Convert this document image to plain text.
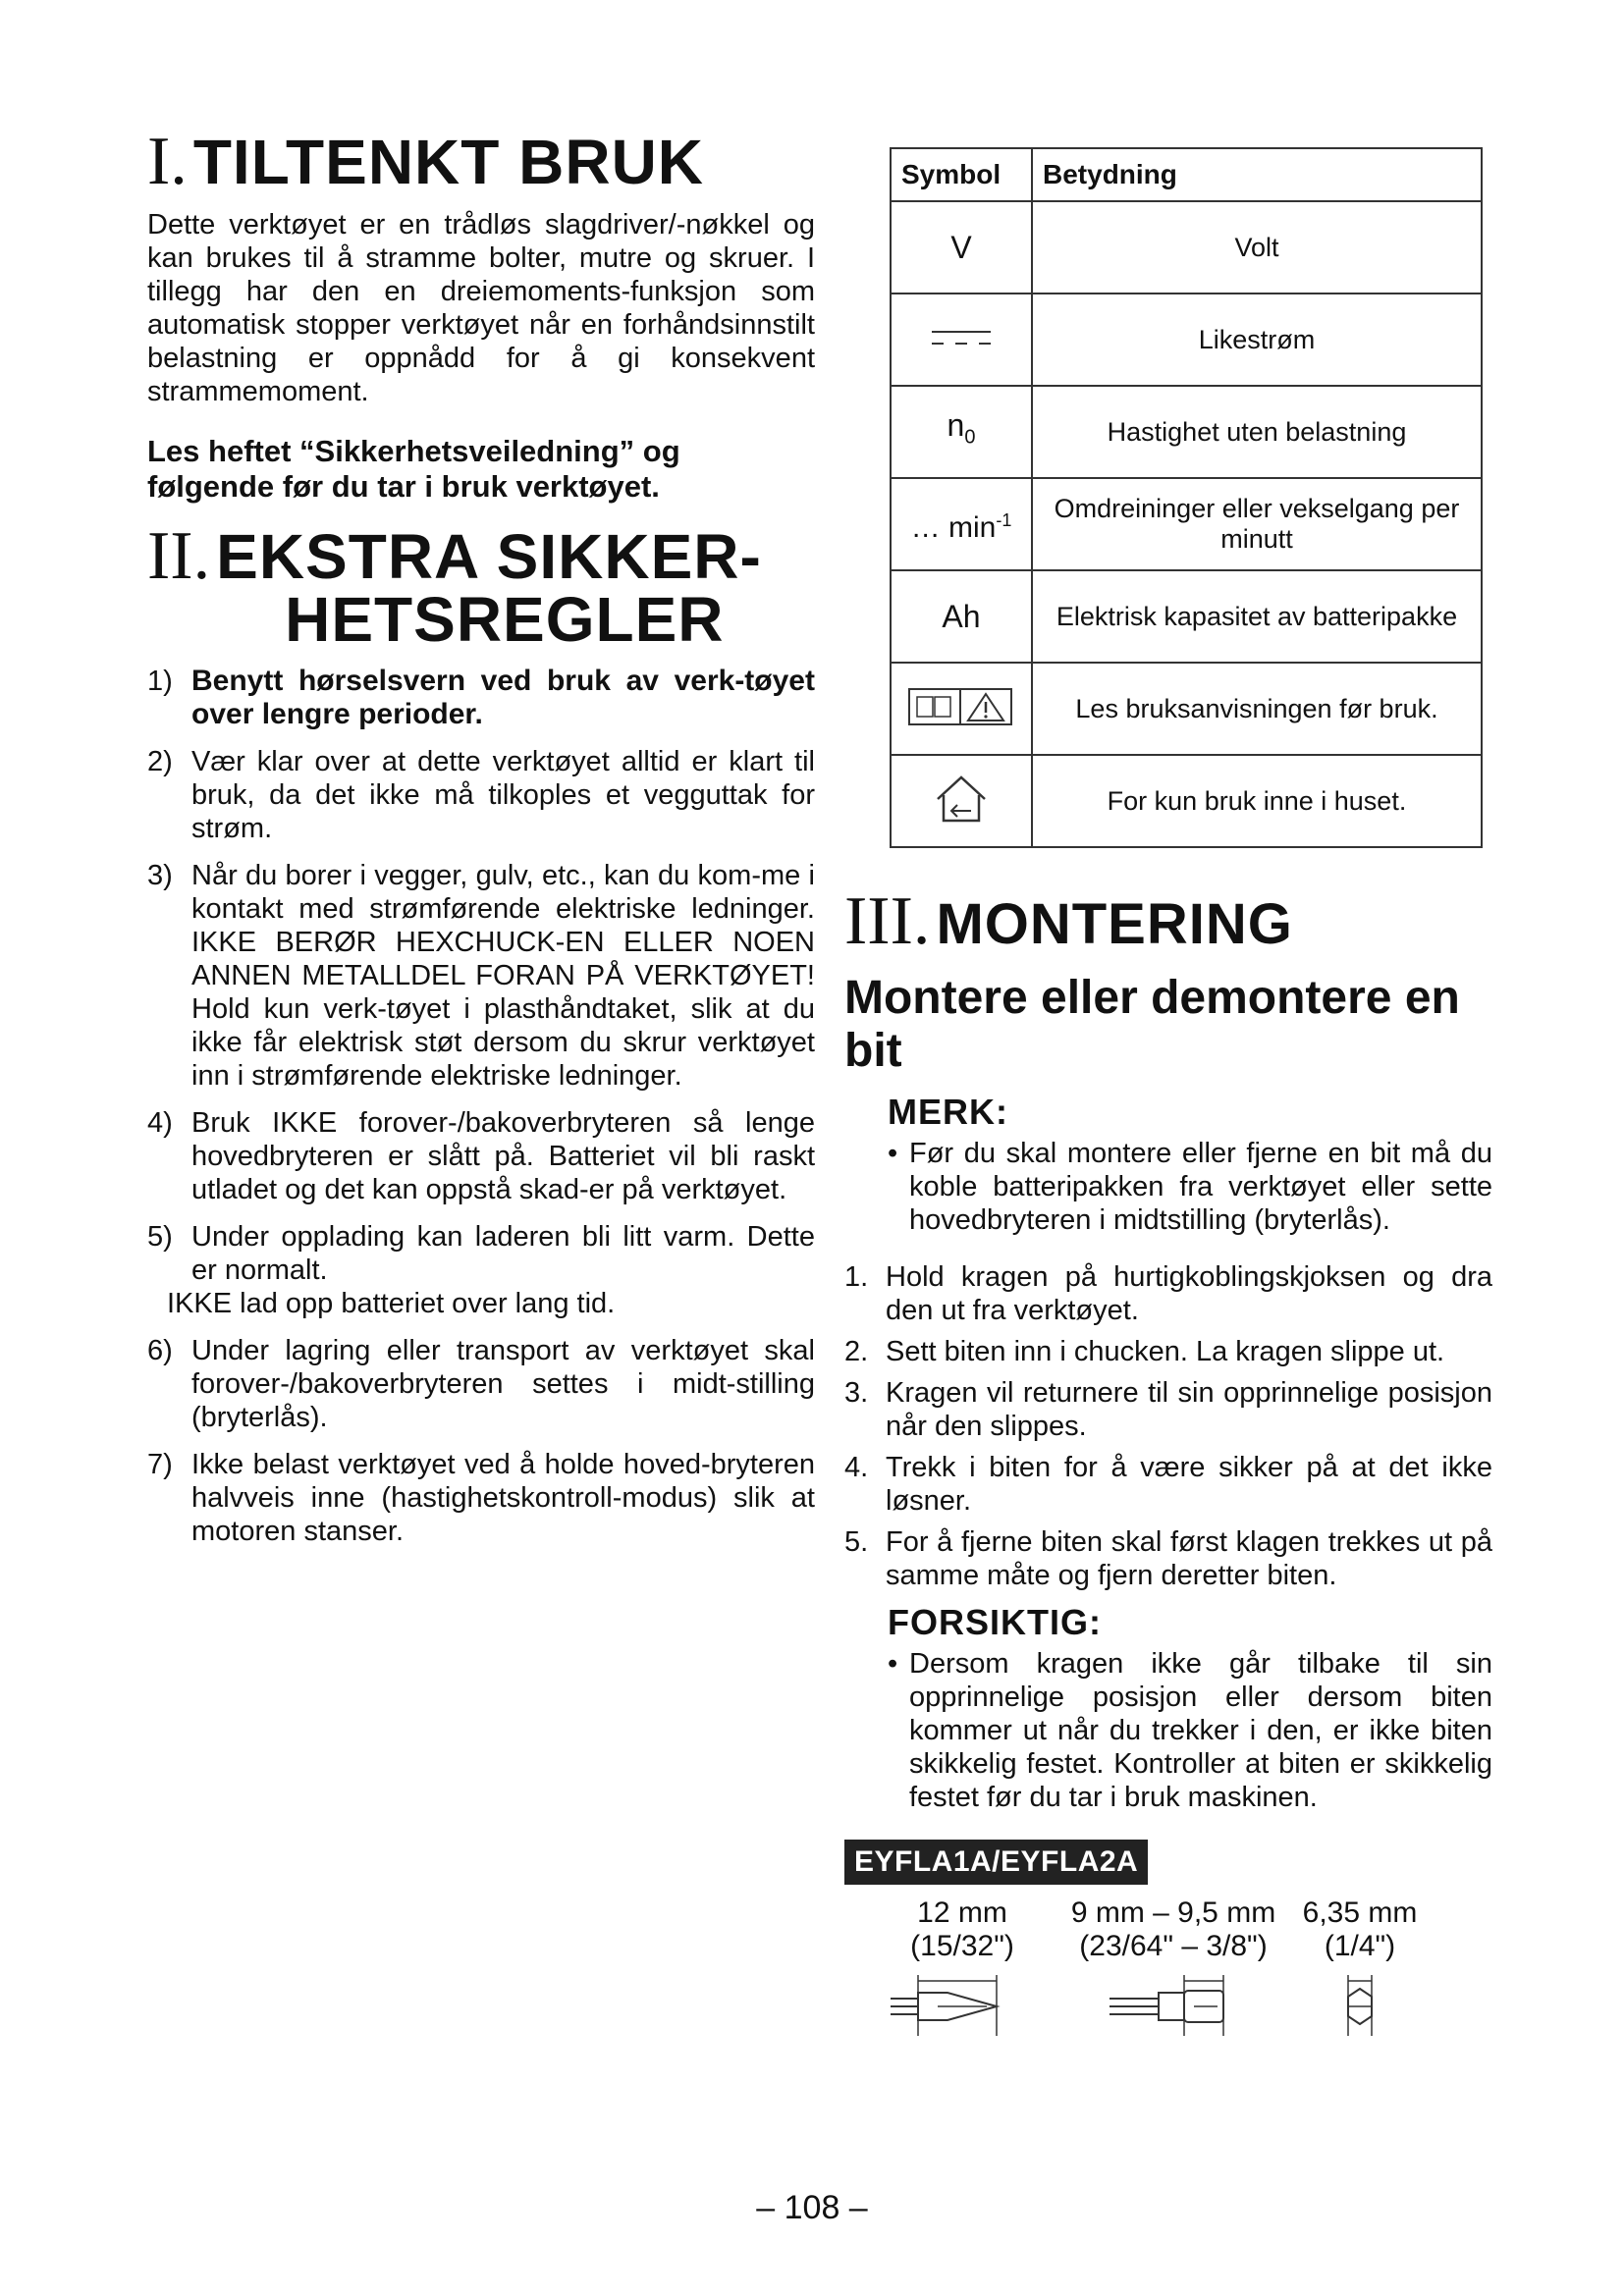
I. TILTENKT BRUK

Dette verktøyet er en trådløs slagdriver/-nøkkel og kan brukes til å stramme bolter, mutre og skruer. I tillegg har den en dreiemoments-funksjon som automatisk stopper verktøyet når en forhåndsinnstilt belastning er oppnådd for å gi konsekvent strammemoment.

Les heftet “Sikkerhetsveiledning” og følgende før du tar i bruk verktøyet.

II. EKSTRA SIKKER-
HETSREGLER
1) Benytt hørselsvern ved bruk av verk-tøyet over lengre perioder.
2) Vær klar over at dette verktøyet alltid er klart til bruk, da det ikke må tilkoples et vegguttak for strøm.
3) Når du borer i vegger, gulv, etc., kan du kom-me i kontakt med strømførende elektriske ledninger. IKKE BERØR HEXCHUCK-EN ELLER NOEN ANNEN METALLDEL FORAN PÅ VERKTØYET! Hold kun verk-tøyet i plasthåndtaket, slik at du ikke får elektrisk støt dersom du skrur verktøyet inn i strømførende elektriske ledninger.
4) Bruk IKKE forover-/bakoverbryteren så lenge hovedbryteren er slått på. Batteriet vil bli raskt utladet og det kan oppstå skad-er på verktøyet.
5) Under opplading kan laderen bli litt varm. Dette er normalt.
IKKE lad opp batteriet over lang tid.
6) Under lagring eller transport av verktøyet skal forover-/bakoverbryteren settes i midt-stilling (bryterlås).
7) Ikke belast verktøyet ved å holde hoved-bryteren halvveis inne (hastighetskontroll-modus) slik at motoren stanser.
Symbol	Betydning
V	Volt
	Likestrøm
$n_0$	Hastighet uten belastning
… $\min^{-1}$	Omdreininger eller vekselgang per minutt
Ah	Elektrisk kapasitet av batteripakke
	Les bruksanvisningen før bruk.
	For kun bruk inne i huset.
III. MONTERING
Montere eller demontere en bit
MERK:
• Før du skal montere eller fjerne en bit må du koble batteripakken fra verktøyet eller sette hovedbryteren i midtstilling (bryterlås).
1. Hold kragen på hurtigkoblingskjoksen og dra den ut fra verktøyet.
2. Sett biten inn i chucken. La kragen slippe ut.
3. Kragen vil returnere til sin opprinnelige posisjon når den slippes.
4. Trekk i biten for å være sikker på at det ikke løsner.
5. For å fjerne biten skal først klagen trekkes ut på samme måte og fjern deretter biten.
FORSIKTIG:
• Dersom kragen ikke går tilbake til sin opprinnelige posisjon eller dersom biten kommer ut når du trekker i den, er ikke biten skikkelig festet. Kontroller at biten er skikkelig festet før du tar i bruk maskinen.
EYFLA1A/EYFLA2A
12 mm
(15/32")
9 mm – 9,5 mm
(23/64" – 3/8")
6,35 mm
(1/4")
– 108 –
